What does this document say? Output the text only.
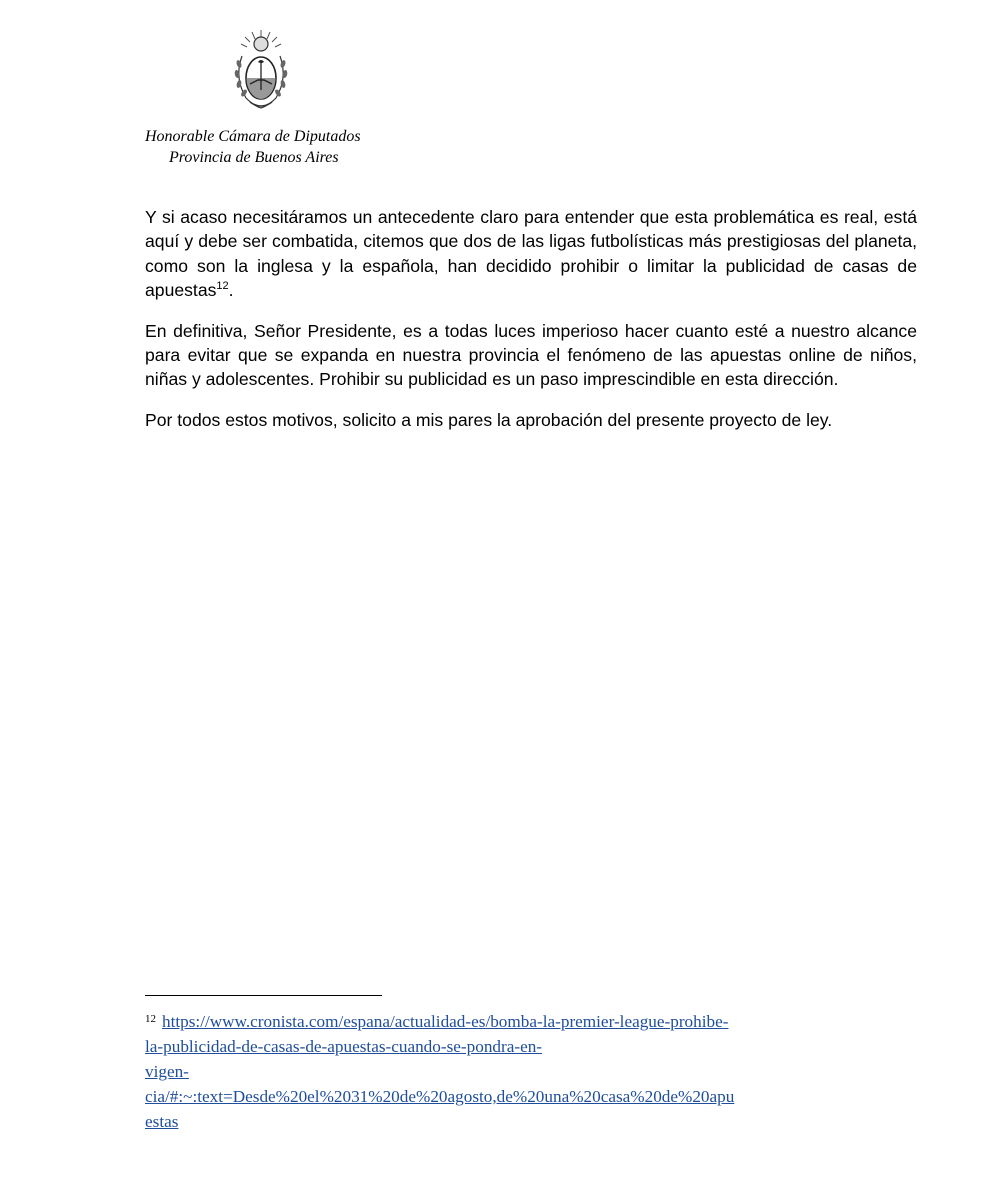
Honorable Cámara de Diputados
Provincia de Buenos Aires

Y si acaso necesitáramos un antecedente claro para entender que esta problemática es real, está aquí y debe ser combatida, citemos que dos de las ligas futbolísticas más prestigiosas del planeta, como son la inglesa y la española, han decidido prohibir o limitar la publicidad de casas de apuestas$^{12}$.

En definitiva, Señor Presidente, es a todas luces imperioso hacer cuanto esté a nuestro alcance para evitar que se expanda en nuestra provincia el fenómeno de las apuestas online de niños, niñas y adolescentes. Prohibir su publicidad es un paso imprescindible en esta dirección.

Por todos estos motivos, solicito a mis pares la aprobación del presente proyecto de ley.

$^{12}$ https://www.cronista.com/espana/actualidad-es/bomba-la-premier-league-prohibe-
la-publicidad-de-casas-de-apuestas-cuando-se-pondra-en-
vigen-
cia/#:~:text=Desde%20el%2031%20de%20agosto,de%20una%20casa%20de%20apu
estas
